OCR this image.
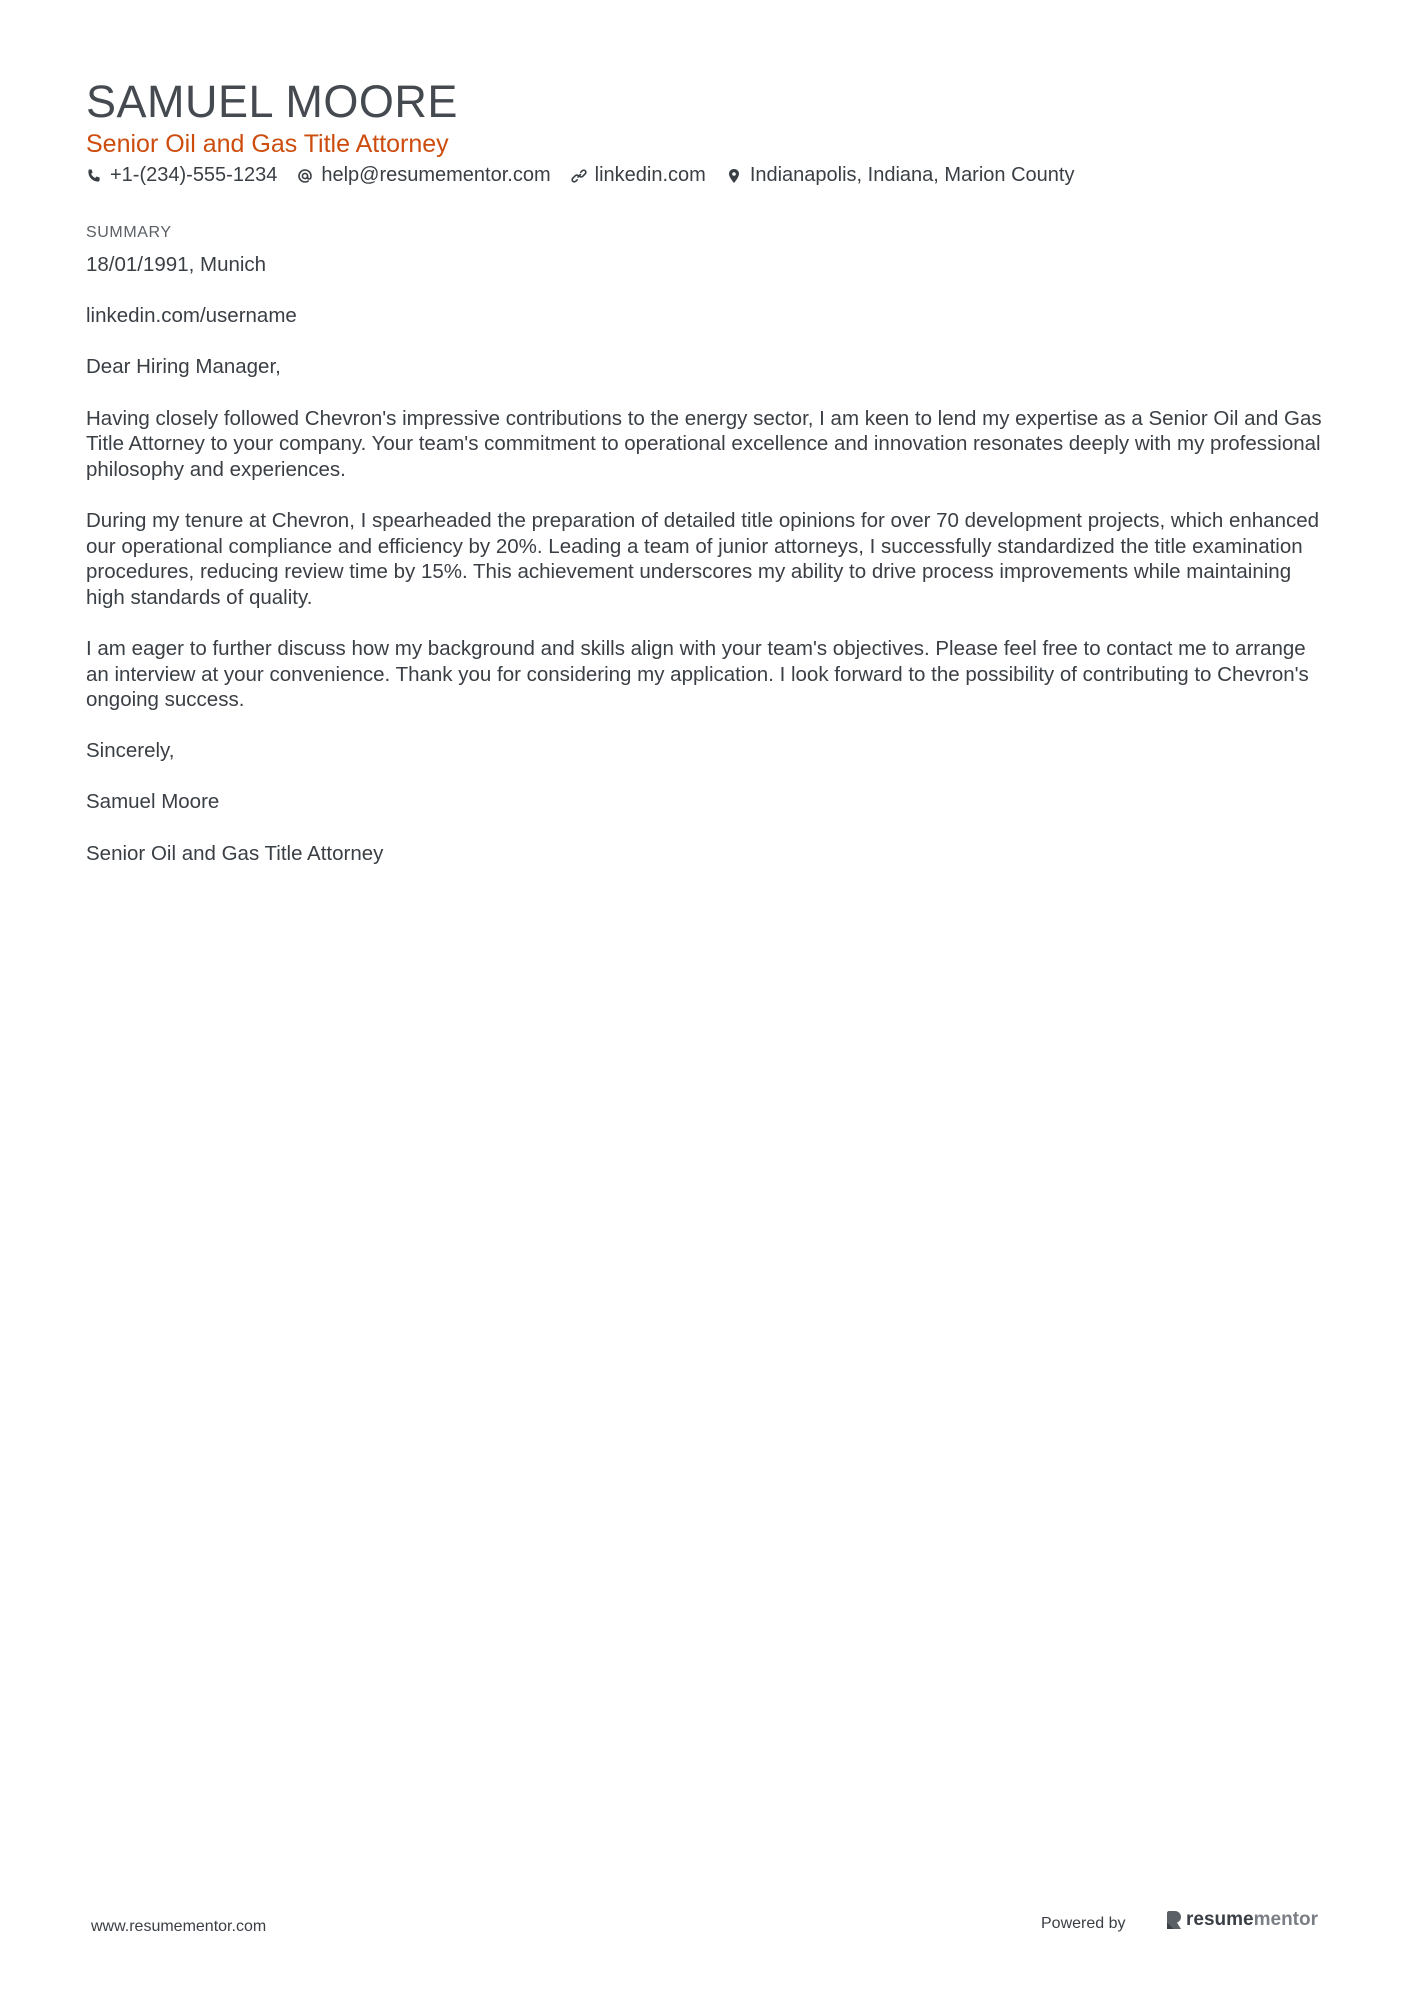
SAMUEL MOORE
Senior Oil and Gas Title Attorney
+1-(234)-555-1234 help@resumementor.com linkedin.com Indianapolis, Indiana, Marion County
SUMMARY

18/01/1991, Munich

linkedin.com/username

Dear Hiring Manager,

Having closely followed Chevron's impressive contributions to the energy sector, I am keen to lend my expertise as a Senior Oil and Gas Title Attorney to your company. Your team's commitment to operational excellence and innovation resonates deeply with my professional philosophy and experiences.

During my tenure at Chevron, I spearheaded the preparation of detailed title opinions for over 70 development projects, which enhanced our operational compliance and efficiency by 20%. Leading a team of junior attorneys, I successfully standardized the title examination procedures, reducing review time by 15%. This achievement underscores my ability to drive process improvements while maintaining high standards of quality.

I am eager to further discuss how my background and skills align with your team's objectives. Please feel free to contact me to arrange an interview at your convenience. Thank you for considering my application. I look forward to the possibility of contributing to Chevron's ongoing success.

Sincerely,

Samuel Moore

Senior Oil and Gas Title Attorney

www.resumementor.com	Powered by	resume mentor
